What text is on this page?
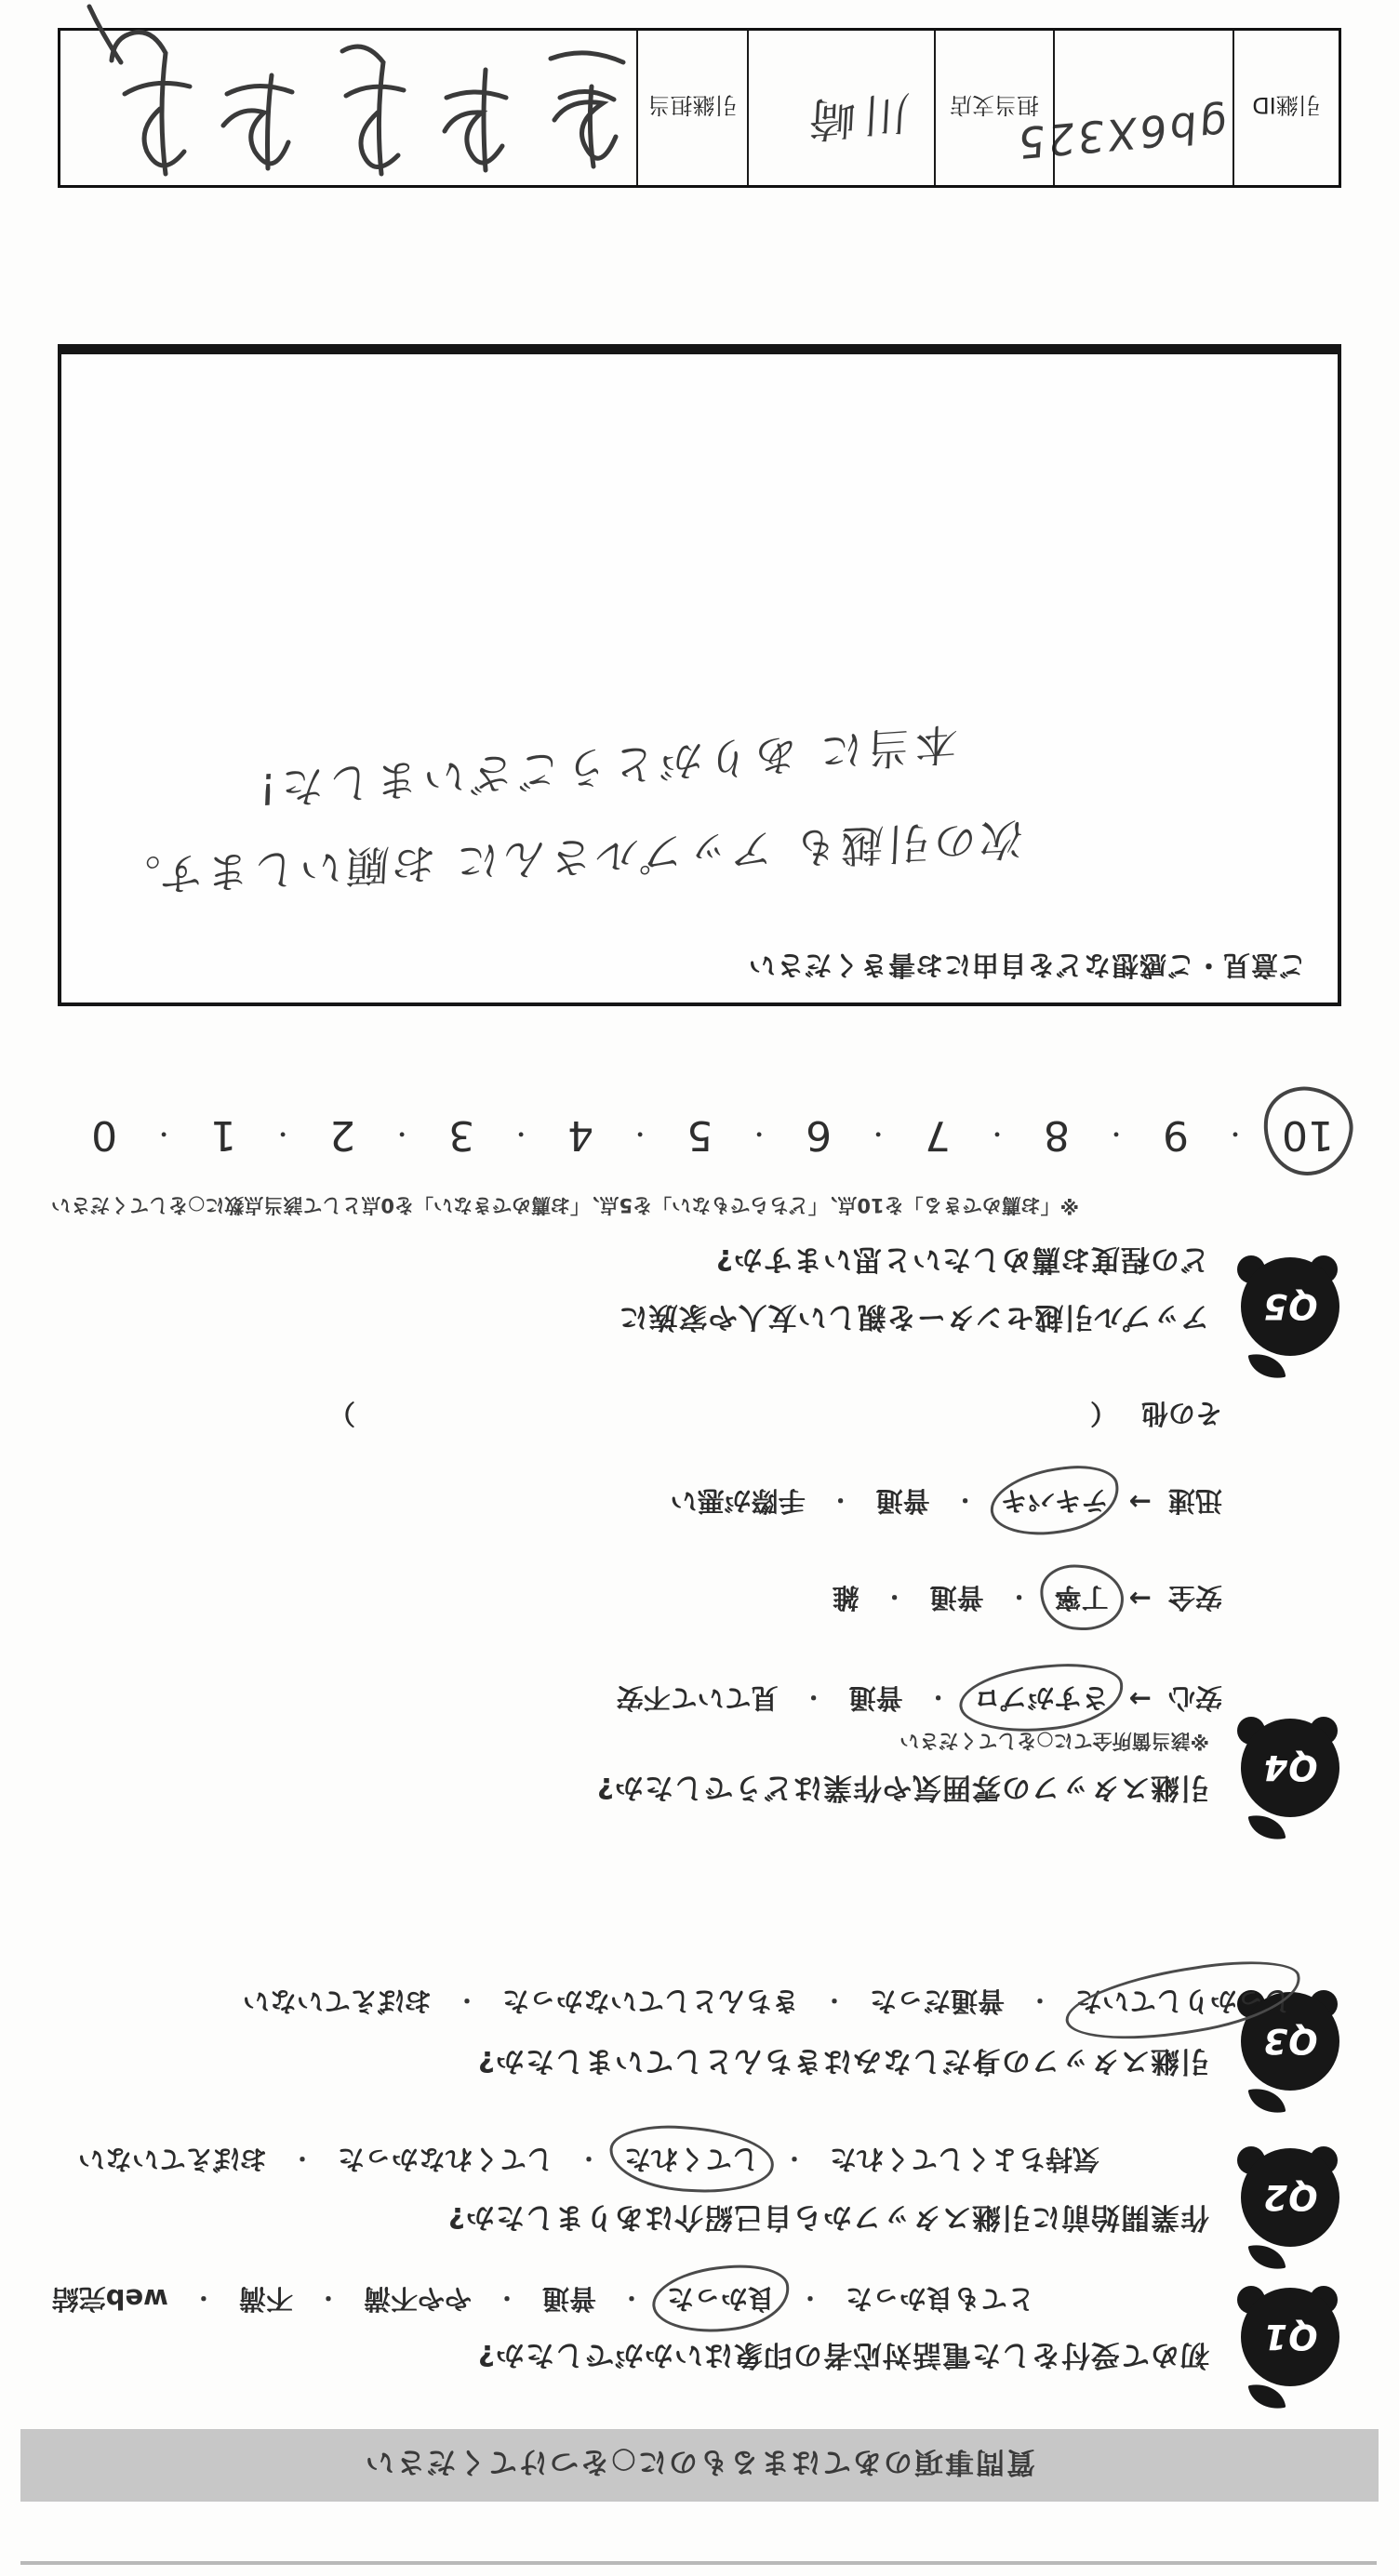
質問事項のあてはまるものに○をつけてください
Q1
初めて受付をした電話対応者の印象はいかがでしたか?
とても良かった
・
良かった
・
普通
・
やや不満
・
不満
・
web完結
Q2
作業開始前に引継スタッフから自己紹介はありましたか?
気持ちよくしてくれた
・
してくれた
・
してくれなかった
・
おぼえていない
Q3
引継スタッフの身だしなみはきちんとしていましたか?
しっかりしていた
・
普通だった
・
きちんとしていなかった
・
おぼえていない
Q4
引継スタッフの雰囲気や作業はどうでしたか?
※該当箇所全てに○をしてください
安心
→
さすがプロ
・
普通
・
見ていて不安
安全
→
丁寧
・
普通
・
雑
迅速
→
テキパキ
・
普通
・
手際が悪い
その他
（
）
Q5
アップル引越センターを親しい友人や家族に
どの程度お薦めしたいと思いますか?
※「お薦めできる」を10点、「どちらでもない」を5点、「お薦めできない」を0点として該当点数に○をしてください
10
・
9
・
8
・
7
・
6
・
5
・
4
・
3
・
2
・
1
・
0
ご意見・ご感想などを自由にお書きください
次の引越も アップルさんに お願いします。
本当に ありがとうございました!
引継ID
gb6X325
担当支店
川崎
引継担当
